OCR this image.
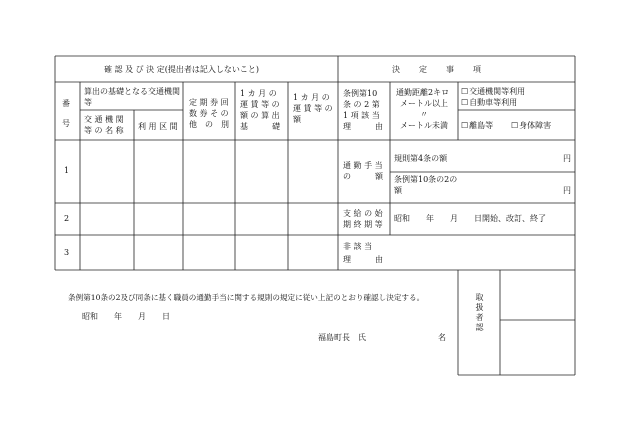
確 認 及 び 決 定(提出者は記入しないこと)	決　　定　　事　　項
番
号
算出の基礎となる交通機関等
交 通 機 関
等 の 名 称 利 用 区 間
定 期 券 回
数 券 そ の
他　の　別
1 カ 月 の
運 賃 等 の
額 の 算 出
基　　　礎
1 カ 月 の
運 賃 等 の
額
条例第10
条 の 2 第
1 項 該 当
理　　　由
通勤距離2キロ
メートル以上
〃
メートル未満
☐ 交通機関等利用
☐ 自動車等利用
☐ 離島等
☐	身体障害
1
2
3
通 勤 手 当
の　　　額
規則第4条の額	円
条例第10条の2の
額	円
支 給 の 始
期 終 期 等
昭和　　年　　月　　日開始、改訂、終了
非 該 当
理　　　由
条例第10条の2及び同条に基く職員の通勤手当に関する規則の規定に従い上記のとおり確認し決定する。
昭和　　年　　月　　日
福島町長　氏	名
取扱者認
